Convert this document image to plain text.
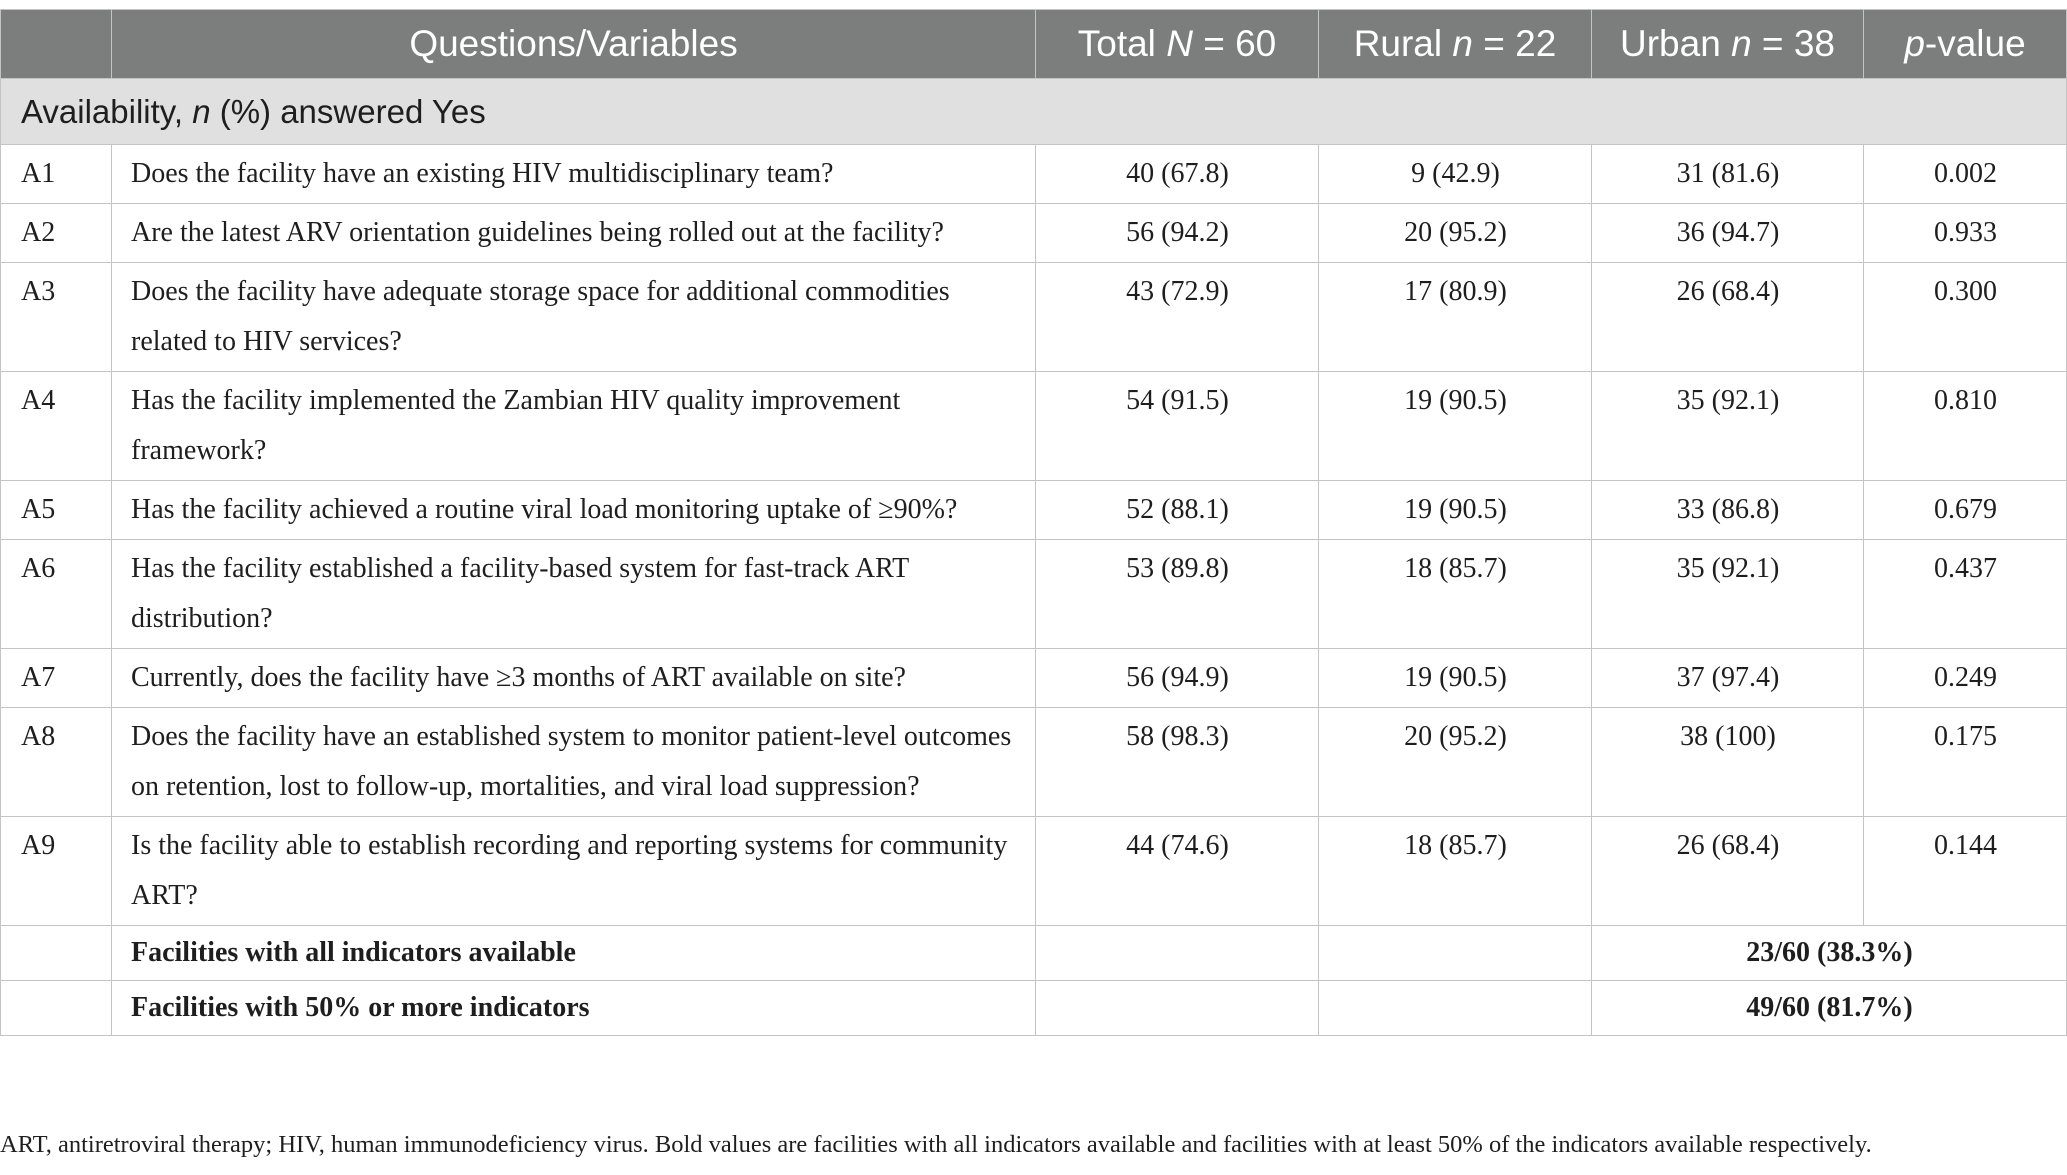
	Questions/Variables	Total N = 60	Rural n = 22	Urban n = 38	p-value
Availability, n (%) answered Yes					
A1	Does the facility have an existing HIV multidisciplinary team?	40 (67.8)	9 (42.9)	31 (81.6)	0.002
A2	Are the latest ARV orientation guidelines being rolled out at the facility?	56 (94.2)	20 (95.2)	36 (94.7)	0.933
A3	Does the facility have adequate storage space for additional commodities related to HIV services?	43 (72.9)	17 (80.9)	26 (68.4)	0.300
A4	Has the facility implemented the Zambian HIV quality improvement framework?	54 (91.5)	19 (90.5)	35 (92.1)	0.810
A5	Has the facility achieved a routine viral load monitoring uptake of ≥90%?	52 (88.1)	19 (90.5)	33 (86.8)	0.679
A6	Has the facility established a facility-based system for fast-track ART distribution?	53 (89.8)	18 (85.7)	35 (92.1)	0.437
A7	Currently, does the facility have ≥3 months of ART available on site?	56 (94.9)	19 (90.5)	37 (97.4)	0.249
A8	Does the facility have an established system to monitor patient-level outcomes on retention, lost to follow-up, mortalities, and viral load suppression?	58 (98.3)	20 (95.2)	38 (100)	0.175
A9	Is the facility able to establish recording and reporting systems for community ART?	44 (74.6)	18 (85.7)	26 (68.4)	0.144
	Facilities with all indicators available			23/60 (38.3%)	
	Facilities with 50% or more indicators			49/60 (81.7%)	
ART, antiretroviral therapy; HIV, human immunodeficiency virus. Bold values are facilities with all indicators available and facilities with at least 50% of the indicators available respectively.
